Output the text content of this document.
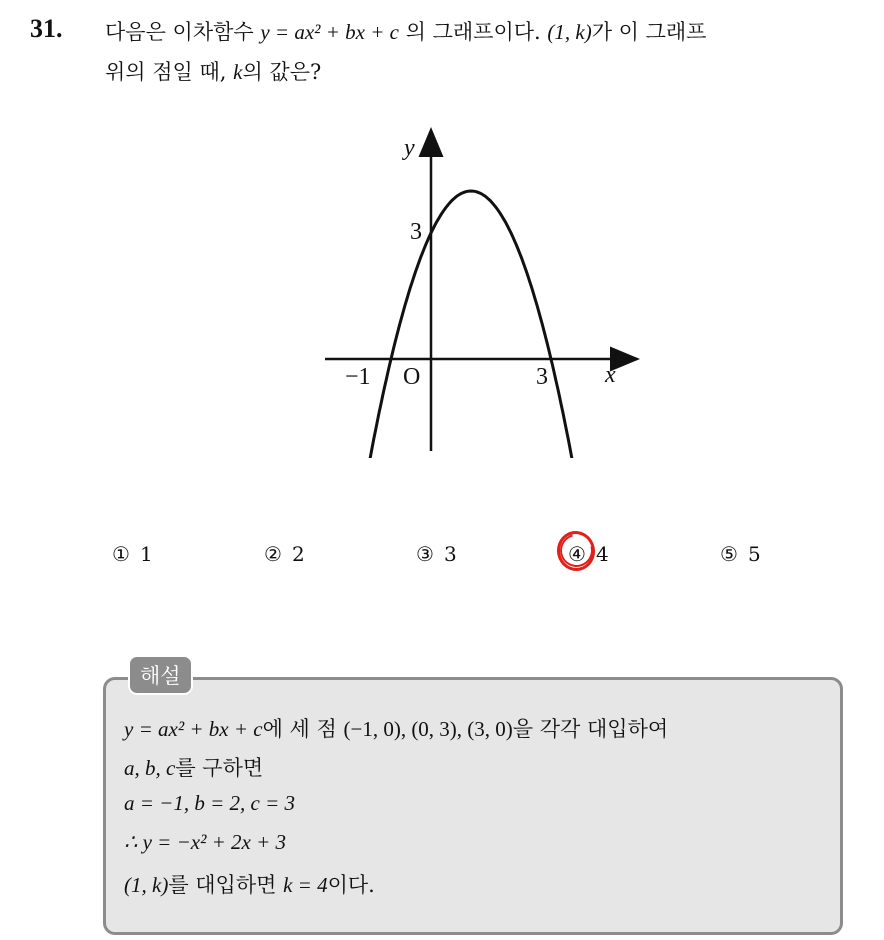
31. 다음은 이차함수 y = ax² + bx + c 의 그래프이다. (1, k)가 이 그래프
위의 점일 때, k의 값은?
y
x
O
3
−1	3
① 1	② 2	③ 3	④ 4	⑤ 5
해설
y = ax² + bx + c에 세 점 (−1, 0), (0, 3), (3, 0)을 각각 대입하여
a, b, c를 구하면
a = −1, b = 2, c = 3
∴ y = −x² + 2x + 3
(1, k)를 대입하면 k = 4이다.
